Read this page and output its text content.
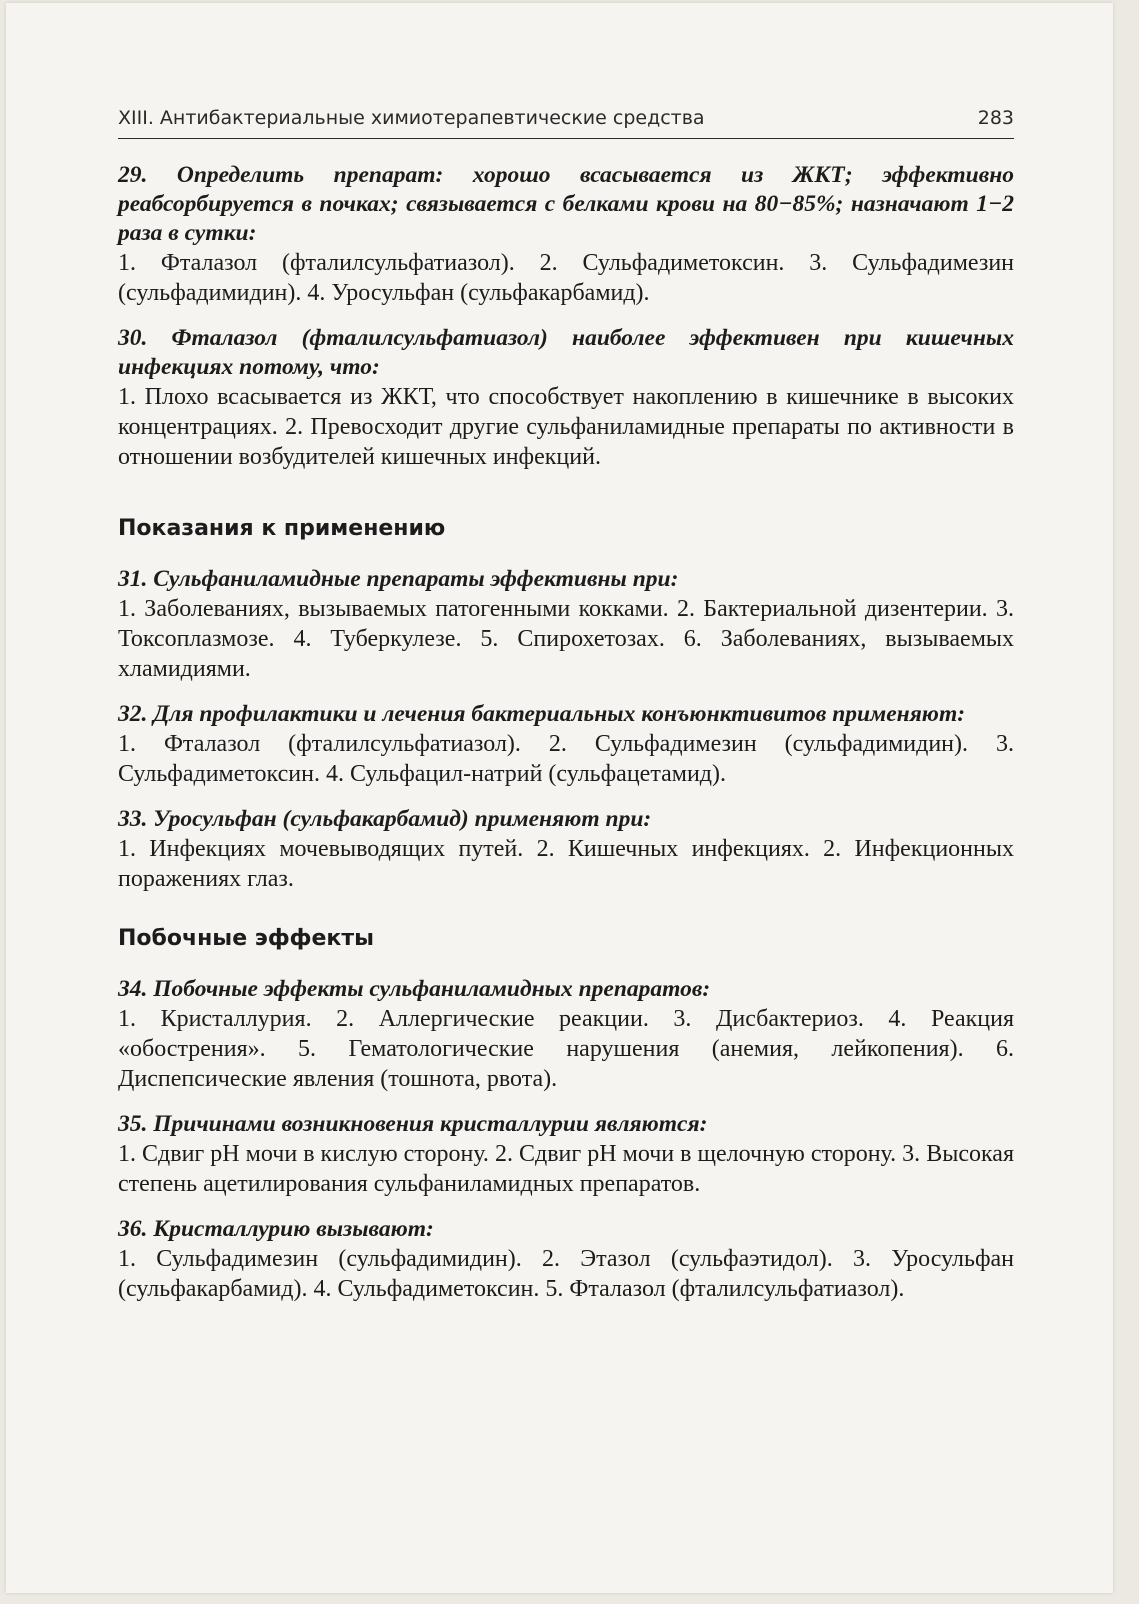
XIII. Антибактериальные химиотерапевтические средства	283
29. Определить препарат: хорошо всасывается из ЖКТ; эффективно реабсорбируется в почках; связывается с белками крови на 80−85%; назначают 1−2 раза в сутки:
1. Фталазол (фталилсульфатиазол). 2. Сульфадиметоксин. 3. Сульфадимезин (сульфадимидин). 4. Уросульфан (сульфакарбамид).
30. Фталазол (фталилсульфатиазол) наиболее эффективен при кишечных инфекциях потому, что:
1. Плохо всасывается из ЖКТ, что способствует накоплению в кишечнике в высоких концентрациях. 2. Превосходит другие сульфаниламидные препараты по активности в отношении возбудителей кишечных инфекций.
Показания к применению
31. Сульфаниламидные препараты эффективны при:
1. Заболеваниях, вызываемых патогенными кокками. 2. Бактериальной дизентерии. 3. Токсоплазмозе. 4. Туберкулезе. 5. Спирохетозах. 6. Заболеваниях, вызываемых хламидиями.
32. Для профилактики и лечения бактериальных конъюнктивитов применяют:
1. Фталазол (фталилсульфатиазол). 2. Сульфадимезин (сульфадимидин). 3. Сульфадиметоксин. 4. Сульфацил-натрий (сульфацетамид).
33. Уросульфан (сульфакарбамид) применяют при:
1. Инфекциях мочевыводящих путей. 2. Кишечных инфекциях. 2. Инфекционных поражениях глаз.
Побочные эффекты
34. Побочные эффекты сульфаниламидных препаратов:
1. Кристаллурия. 2. Аллергические реакции. 3. Дисбактериоз. 4. Реакция «обострения». 5. Гематологические нарушения (анемия, лейкопения). 6. Диспепсические явления (тошнота, рвота).
35. Причинами возникновения кристаллурии являются:
1. Сдвиг рН мочи в кислую сторону. 2. Сдвиг рН мочи в щелочную сторону. 3. Высокая степень ацетилирования сульфаниламидных препаратов.
36. Кристаллурию вызывают:
1. Сульфадимезин (сульфадимидин). 2. Этазол (сульфаэтидол). 3. Уросульфан (сульфакарбамид). 4. Сульфадиметоксин. 5. Фталазол (фталилсульфатиазол).
